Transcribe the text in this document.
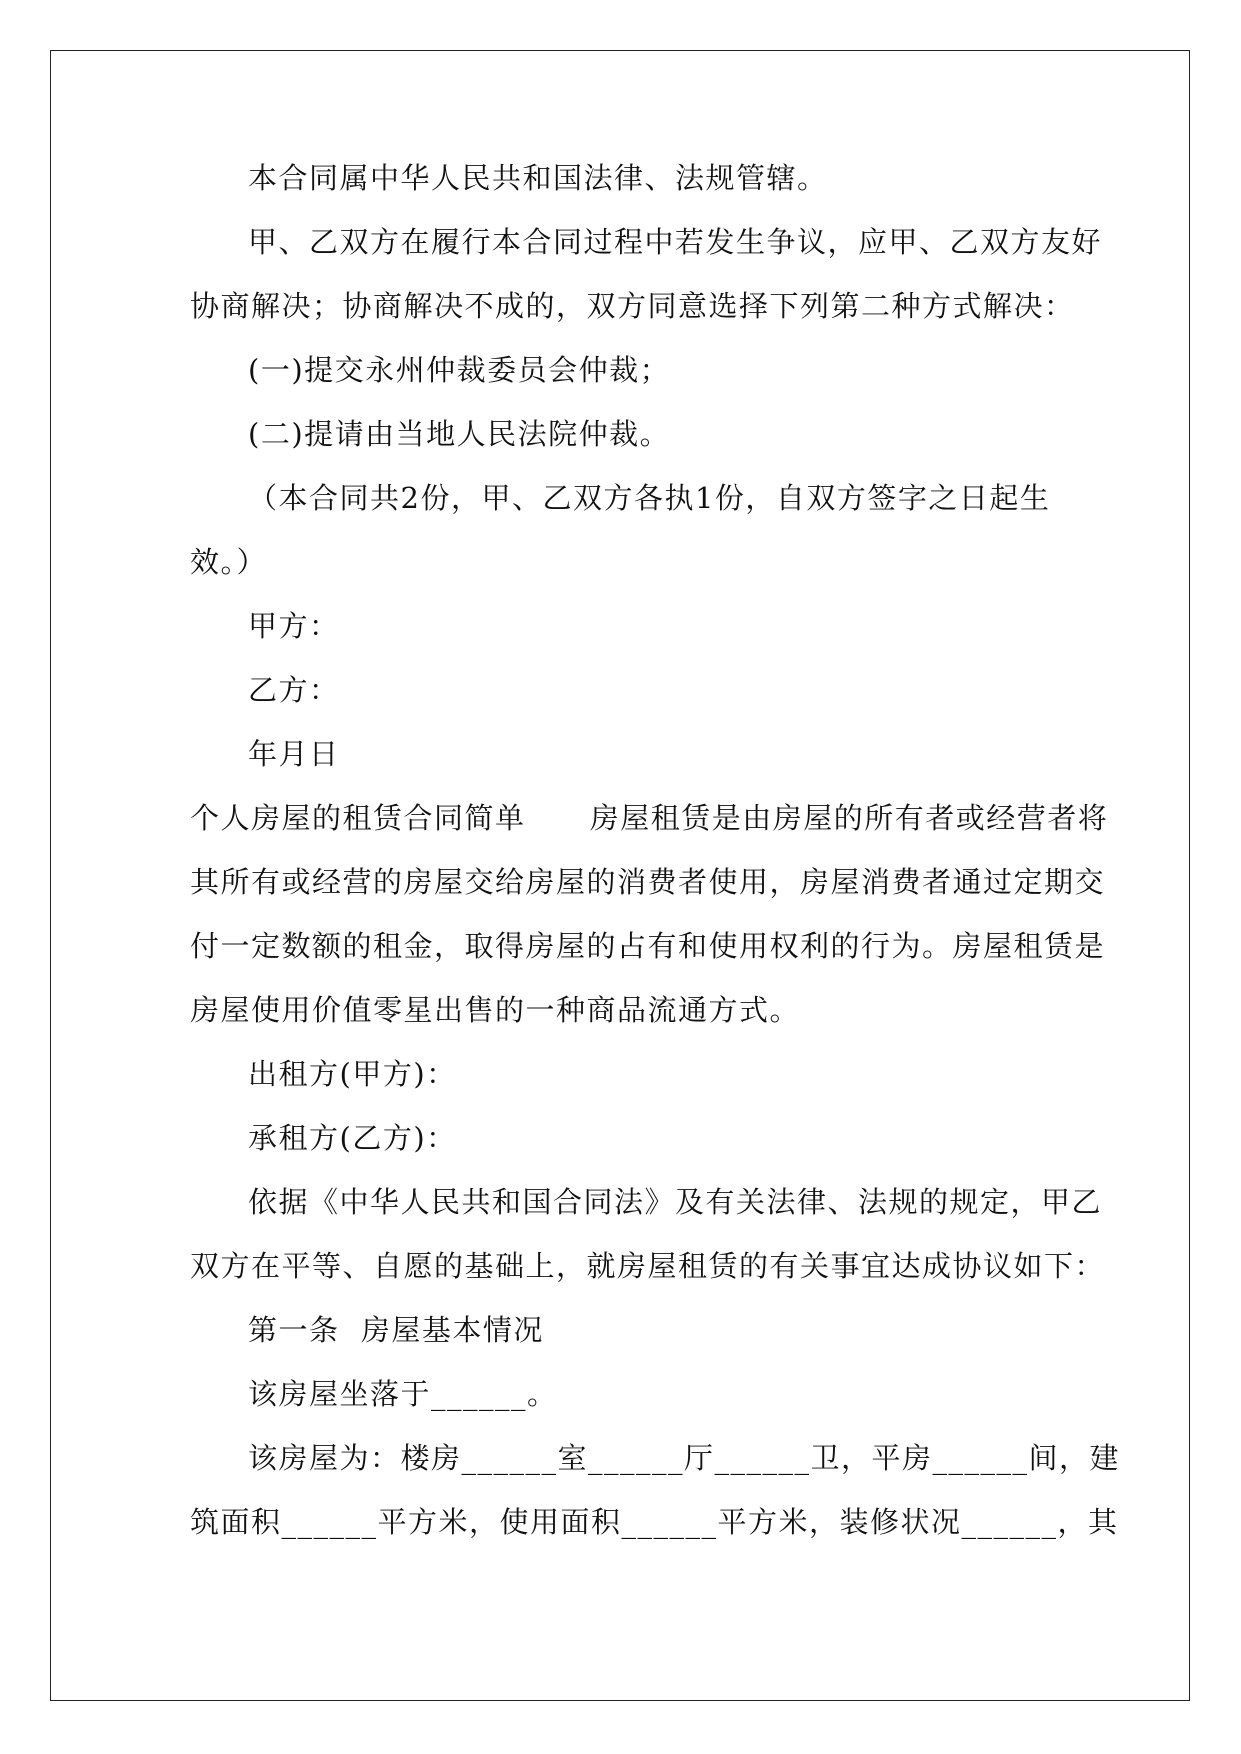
本合同属中华人民共和国法律、法规管辖。
甲、乙双方在履行本合同过程中若发生争议，应甲、乙双方友好
协商解决；协商解决不成的，双方同意选择下列第二种方式解决：
(一)提交永州仲裁委员会仲裁；
(二)提请由当地人民法院仲裁。
（本合同共2份，甲、乙双方各执1份，自双方签字之日起生
效。）
甲方：
乙方：
年月日
个人房屋的租赁合同简单      房屋租赁是由房屋的所有者或经营者将
其所有或经营的房屋交给房屋的消费者使用，房屋消费者通过定期交
付一定数额的租金，取得房屋的占有和使用权利的行为。房屋租赁是
房屋使用价值零星出售的一种商品流通方式。
出租方(甲方)：
承租方(乙方)：
依据《中华人民共和国合同法》及有关法律、法规的规定，甲乙
双方在平等、自愿的基础上，就房屋租赁的有关事宜达成协议如下：
第一条  房屋基本情况
该房屋坐落于______。
该房屋为：楼房______室______厅______卫，平房______间，建
筑面积______平方米，使用面积______平方米，装修状况______，其
